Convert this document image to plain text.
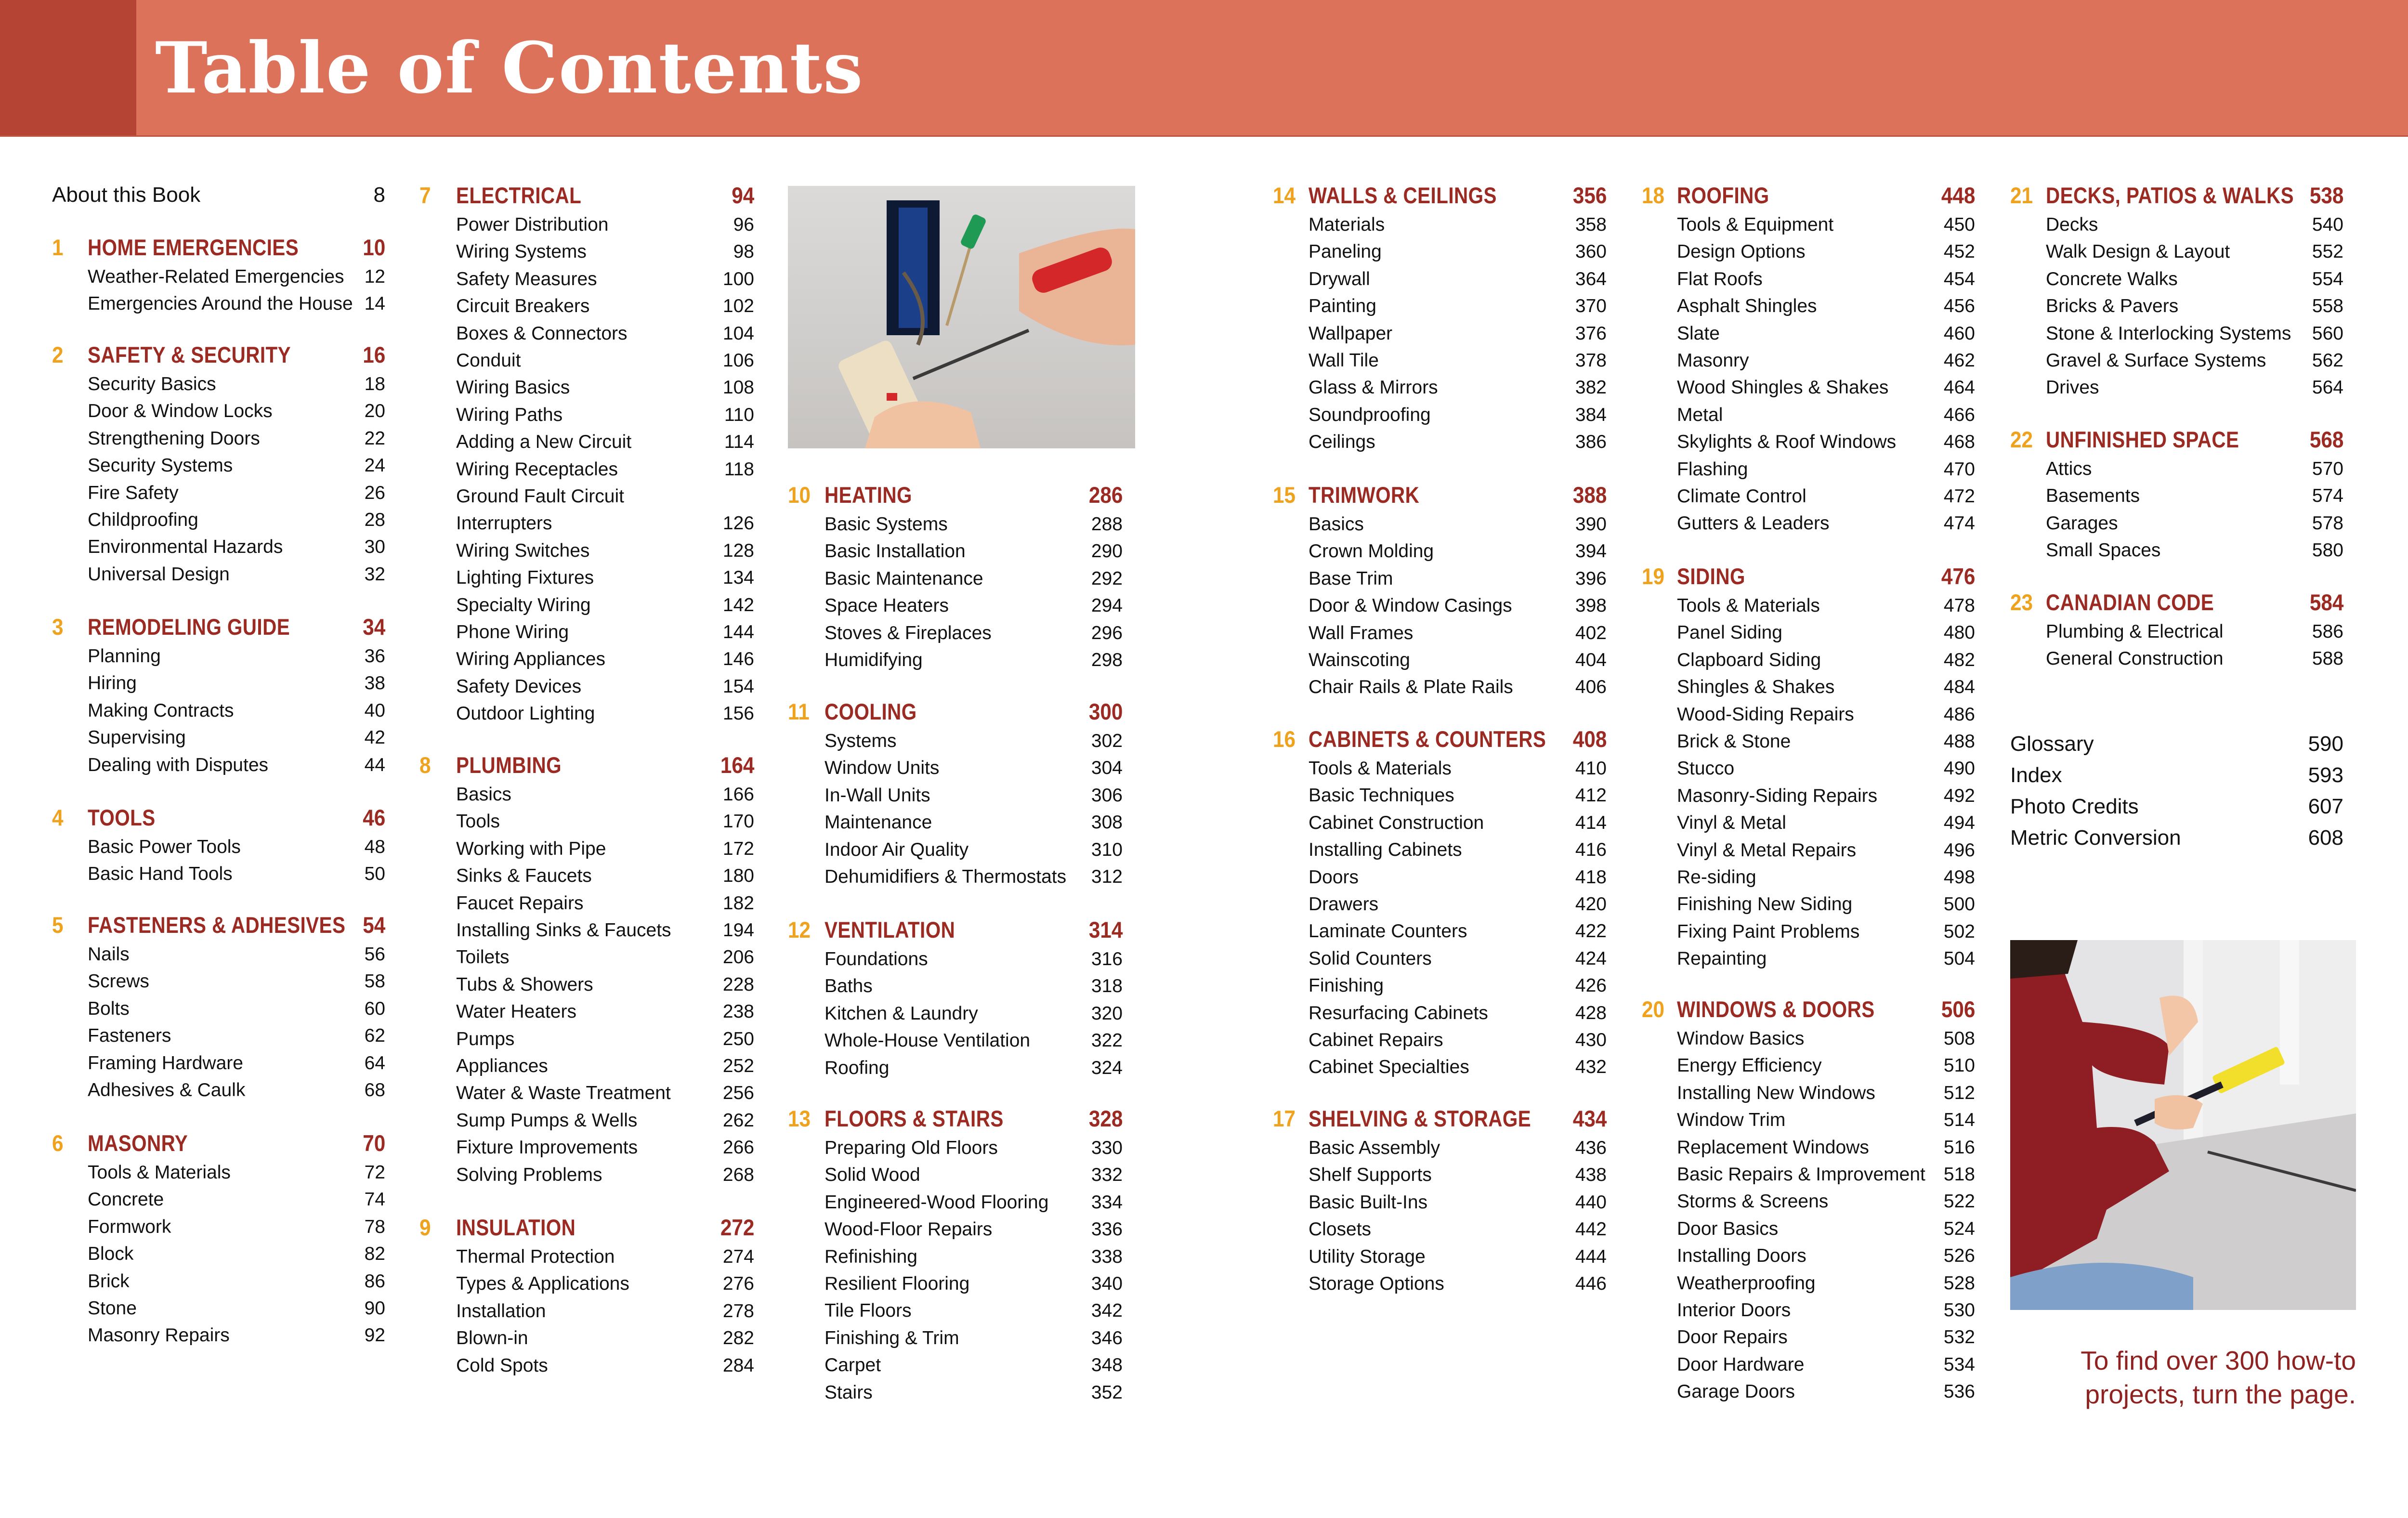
Table of Contents
About this Book	8
1 HOME EMERGENCIES	10
Weather-Related Emergencies	12
Emergencies Around the House 14
2 SAFETY & SECURITY	16
Security Basics	18
Door & Window Locks	20
Strengthening Doors	22
Security Systems	24
Fire Safety	26
Childproofing	28
Environmental Hazards	30
Universal Design	32
3 REMODELING GUIDE	34
Planning	36
Hiring	38
Making Contracts	40
Supervising	42
Dealing with Disputes	44
4 TOOLS	46
Basic Power Tools	48
Basic Hand Tools	50
5 FASTENERS & ADHESIVES 54
Nails	56
Screws	58
Bolts	60
Fasteners	62
Framing Hardware	64
Adhesives & Caulk	68
6 MASONRY	70
Tools & Materials	72
Concrete	74
Formwork	78
Block	82
Brick	86
Stone	90
Masonry Repairs	92
7 ELECTRICAL	94
Power Distribution	96
Wiring Systems	98
Safety Measures	100
Circuit Breakers	102
Boxes & Connectors	104
Conduit	106
Wiring Basics	108
Wiring Paths	110
Adding a New Circuit	114
Wiring Receptacles	118
Ground Fault Circuit
Interrupters	126
Wiring Switches	128
Lighting Fixtures	134
Specialty Wiring	142
Phone Wiring	144
Wiring Appliances	146
Safety Devices	154
Outdoor Lighting	156
8 PLUMBING	164
Basics	166
Tools	170
Working with Pipe	172
Sinks & Faucets	180
Faucet Repairs	182
Installing Sinks & Faucets	194
Toilets	206
Tubs & Showers	228
Water Heaters	238
Pumps	250
Appliances	252
Water & Waste Treatment	256
Sump Pumps & Wells	262
Fixture Improvements	266
Solving Problems	268
9 INSULATION	272
Thermal Protection	274
Types & Applications	276
Installation	278
Blown-in	282
Cold Spots	284
10 HEATING	286
Basic Systems	288
Basic Installation	290
Basic Maintenance	292
Space Heaters	294
Stoves & Fireplaces	296
Humidifying	298
11 COOLING	300
Systems	302
Window Units	304
In-Wall Units	306
Maintenance	308
Indoor Air Quality	310
Dehumidifiers & Thermostats	312
12 VENTILATION	314
Foundations	316
Baths	318
Kitchen & Laundry	320
Whole-House Ventilation	322
Roofing	324
13 FLOORS & STAIRS	328
Preparing Old Floors	330
Solid Wood	332
Engineered-Wood Flooring	334
Wood-Floor Repairs	336
Refinishing	338
Resilient Flooring	340
Tile Floors	342
Finishing & Trim	346
Carpet	348
Stairs	352
14 WALLS & CEILINGS	356
Materials	358
Paneling	360
Drywall	364
Painting	370
Wallpaper	376
Wall Tile	378
Glass & Mirrors	382
Soundproofing	384
Ceilings	386
15 TRIMWORK	388
Basics	390
Crown Molding	394
Base Trim	396
Door & Window Casings	398
Wall Frames	402
Wainscoting	404
Chair Rails & Plate Rails	406
16 CABINETS & COUNTERS 408
Tools & Materials	410
Basic Techniques	412
Cabinet Construction	414
Installing Cabinets	416
Doors	418
Drawers	420
Laminate Counters	422
Solid Counters	424
Finishing	426
Resurfacing Cabinets	428
Cabinet Repairs	430
Cabinet Specialties	432
17 SHELVING & STORAGE 434
Basic Assembly	436
Shelf Supports	438
Basic Built-Ins	440
Closets	442
Utility Storage	444
Storage Options	446
18 ROOFING	448
Tools & Equipment	450
Design Options	452
Flat Roofs	454
Asphalt Shingles	456
Slate	460
Masonry	462
Wood Shingles & Shakes	464
Metal	466
Skylights & Roof Windows	468
Flashing	470
Climate Control	472
Gutters & Leaders	474
19 SIDING	476
Tools & Materials	478
Panel Siding	480
Clapboard Siding	482
Shingles & Shakes	484
Wood-Siding Repairs	486
Brick & Stone	488
Stucco	490
Masonry-Siding Repairs	492
Vinyl & Metal	494
Vinyl & Metal Repairs	496
Re-siding	498
Finishing New Siding	500
Fixing Paint Problems	502
Repainting	504
20 WINDOWS & DOORS	506
Window Basics	508
Energy Efficiency	510
Installing New Windows	512
Window Trim	514
Replacement Windows	516
Basic Repairs & Improvement 518
Storms & Screens	522
Door Basics	524
Installing Doors	526
Weatherproofing	528
Interior Doors	530
Door Repairs	532
Door Hardware	534
Garage Doors	536
21 DECKS, PATIOS & WALKS 538
Decks	540
Walk Design & Layout	552
Concrete Walks	554
Bricks & Pavers	558
Stone & Interlocking Systems	560
Gravel & Surface Systems	562
Drives	564
22 UNFINISHED SPACE	568
Attics	570
Basements	574
Garages	578
Small Spaces	580
23 CANADIAN CODE	584
Plumbing & Electrical	586
General Construction	588
Glossary	590
Index	593
Photo Credits	607
Metric Conversion	608
To find over 300 how-to
projects, turn the page.
